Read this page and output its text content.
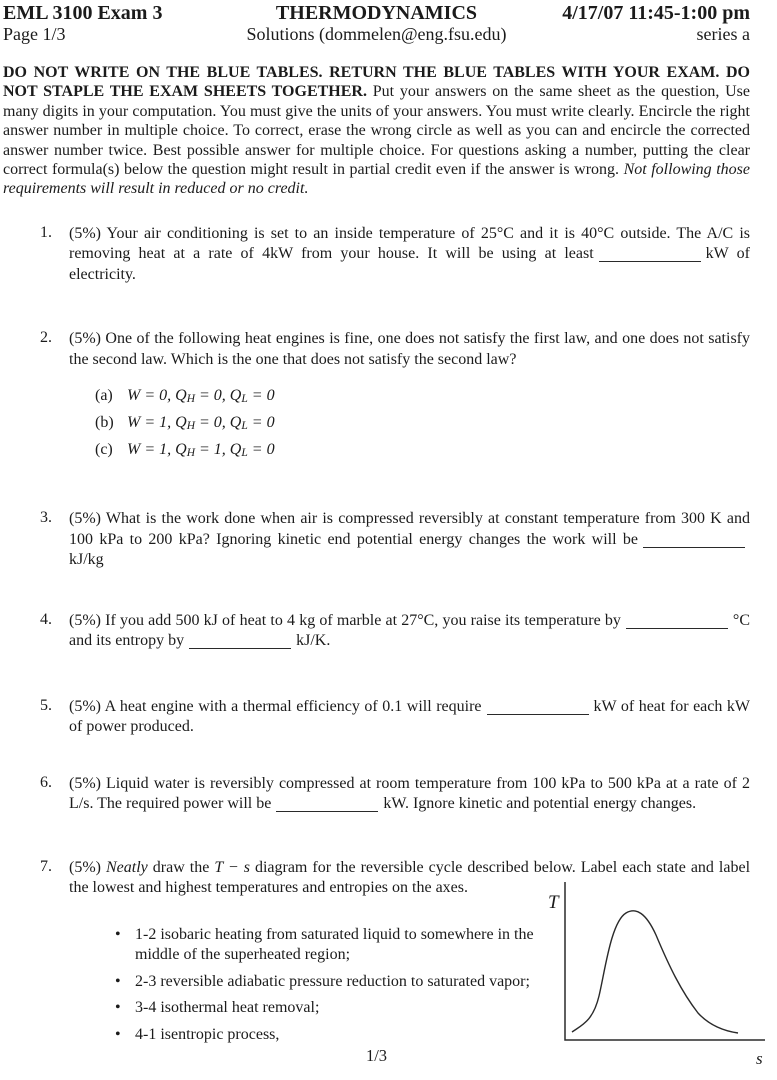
EML 3100 Exam 3
Page 1/3
THERMODYNAMICS
Solutions (dommelen@eng.fsu.edu)
4/17/07 11:45-1:00 pm
series a

DO NOT WRITE ON THE BLUE TABLES. RETURN THE BLUE TABLES WITH YOUR EXAM. DO NOT STAPLE THE EXAM SHEETS TOGETHER. Put your answers on the same sheet as the question, Use many digits in your computation. You must give the units of your answers. You must write clearly. Encircle the right answer number in multiple choice. To correct, erase the wrong circle as well as you can and encircle the corrected answer number twice. Best possible answer for multiple choice. For questions asking a number, putting the clear correct formula(s) below the question might result in partial credit even if the answer is wrong. Not following those requirements will result in reduced or no credit.

1.	(5%) Your air conditioning is set to an inside temperature of 25°C and it is 40°C outside. The A/C is removing heat at a rate of 4kW from your house. It will be using at least	kW of electricity.
2.	(5%) One of the following heat engines is fine, one does not satisfy the first law, and one does not satisfy the second law. Which is the one that does not satisfy the second law?
(a) W = 0, $Q_H = 0$, $Q_L = 0$
(b) W = 1, $Q_H = 0$, $Q_L = 0$
(c) W = 1, $Q_H = 1$, $Q_L = 0$
3.	(5%) What is the work done when air is compressed reversibly at constant temperature from 300 K and 100 kPa to 200 kPa? Ignoring kinetic end potential energy changes the work will bekJ/kg
4.	(5%) If you add 500 kJ of heat to 4 kg of marble at 27°C, you raise its temperature by	°C and its entropy by	kJ/K.
5.	(5%) A heat engine with a thermal efficiency of 0.1 will require	kW of heat for each kW of power produced.
6.	(5%) Liquid water is reversibly compressed at room temperature from 100 kPa to 500 kPa at a rate of 2 L/s. The required power will be	kW. Ignore kinetic and potential energy changes.
7.	(5%) Neatly draw the T − s diagram for the reversible cycle described below. Label each state and label the lowest and highest temperatures and entropies on the axes.
• 1-2 isobaric heating from saturated liquid to somewhere in the middle of the superheated region;
• 2-3 reversible adiabatic pressure reduction to saturated vapor;
• 3-4 isothermal heat removal;
• 4-1 isentropic process,
T
s
1/3
